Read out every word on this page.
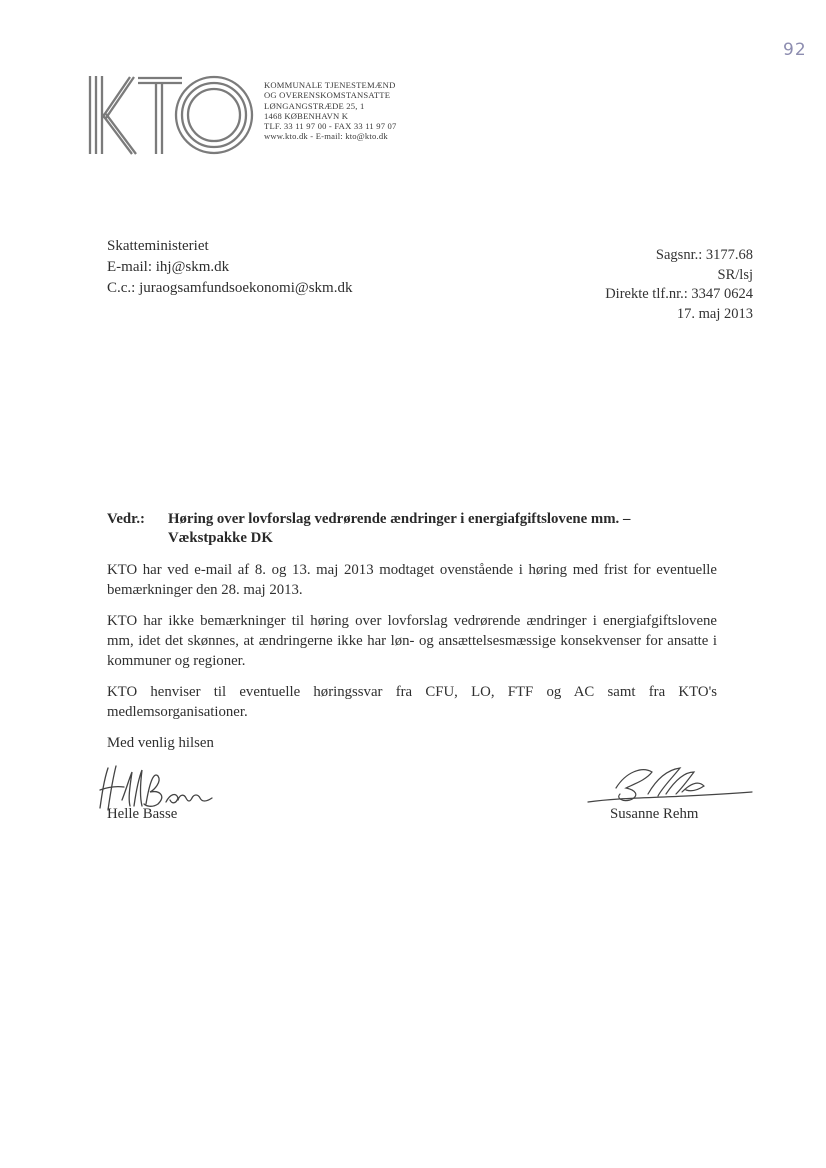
92
KOMMUNALE TJENESTEMÆND
OG OVERENSKOMSTANSATTE
LØNGANGSTRÆDE 25, 1
1468 KØBENHAVN K
TLF. 33 11 97 00 - FAX 33 11 97 07
www.kto.dk - E-mail: kto@kto.dk
Skatteministeriet
E-mail: ihj@skm.dk
C.c.: juraogsamfundsoekonomi@skm.dk
Sagsnr.: 3177.68
SR/lsj
Direkte tlf.nr.: 3347 0624
17. maj 2013
Vedr.: Høring over lovforslag vedrørende ændringer i energiafgiftslovene mm. –
Vækstpakke DK
KTO har ved e-mail af 8. og 13. maj 2013 modtaget ovenstående i høring med frist for eventuelle bemærkninger den 28. maj 2013.
KTO har ikke bemærkninger til høring over lovforslag vedrørende ændringer i energiafgiftslovene mm, idet det skønnes, at ændringerne ikke har løn- og ansættelsesmæssige konsekvenser for ansatte i kommuner og regioner.
KTO henviser til eventuelle høringssvar fra CFU, LO, FTF og AC samt fra KTO's medlemsorganisationer.
Med venlig hilsen
Helle Basse	Susanne Rehm
